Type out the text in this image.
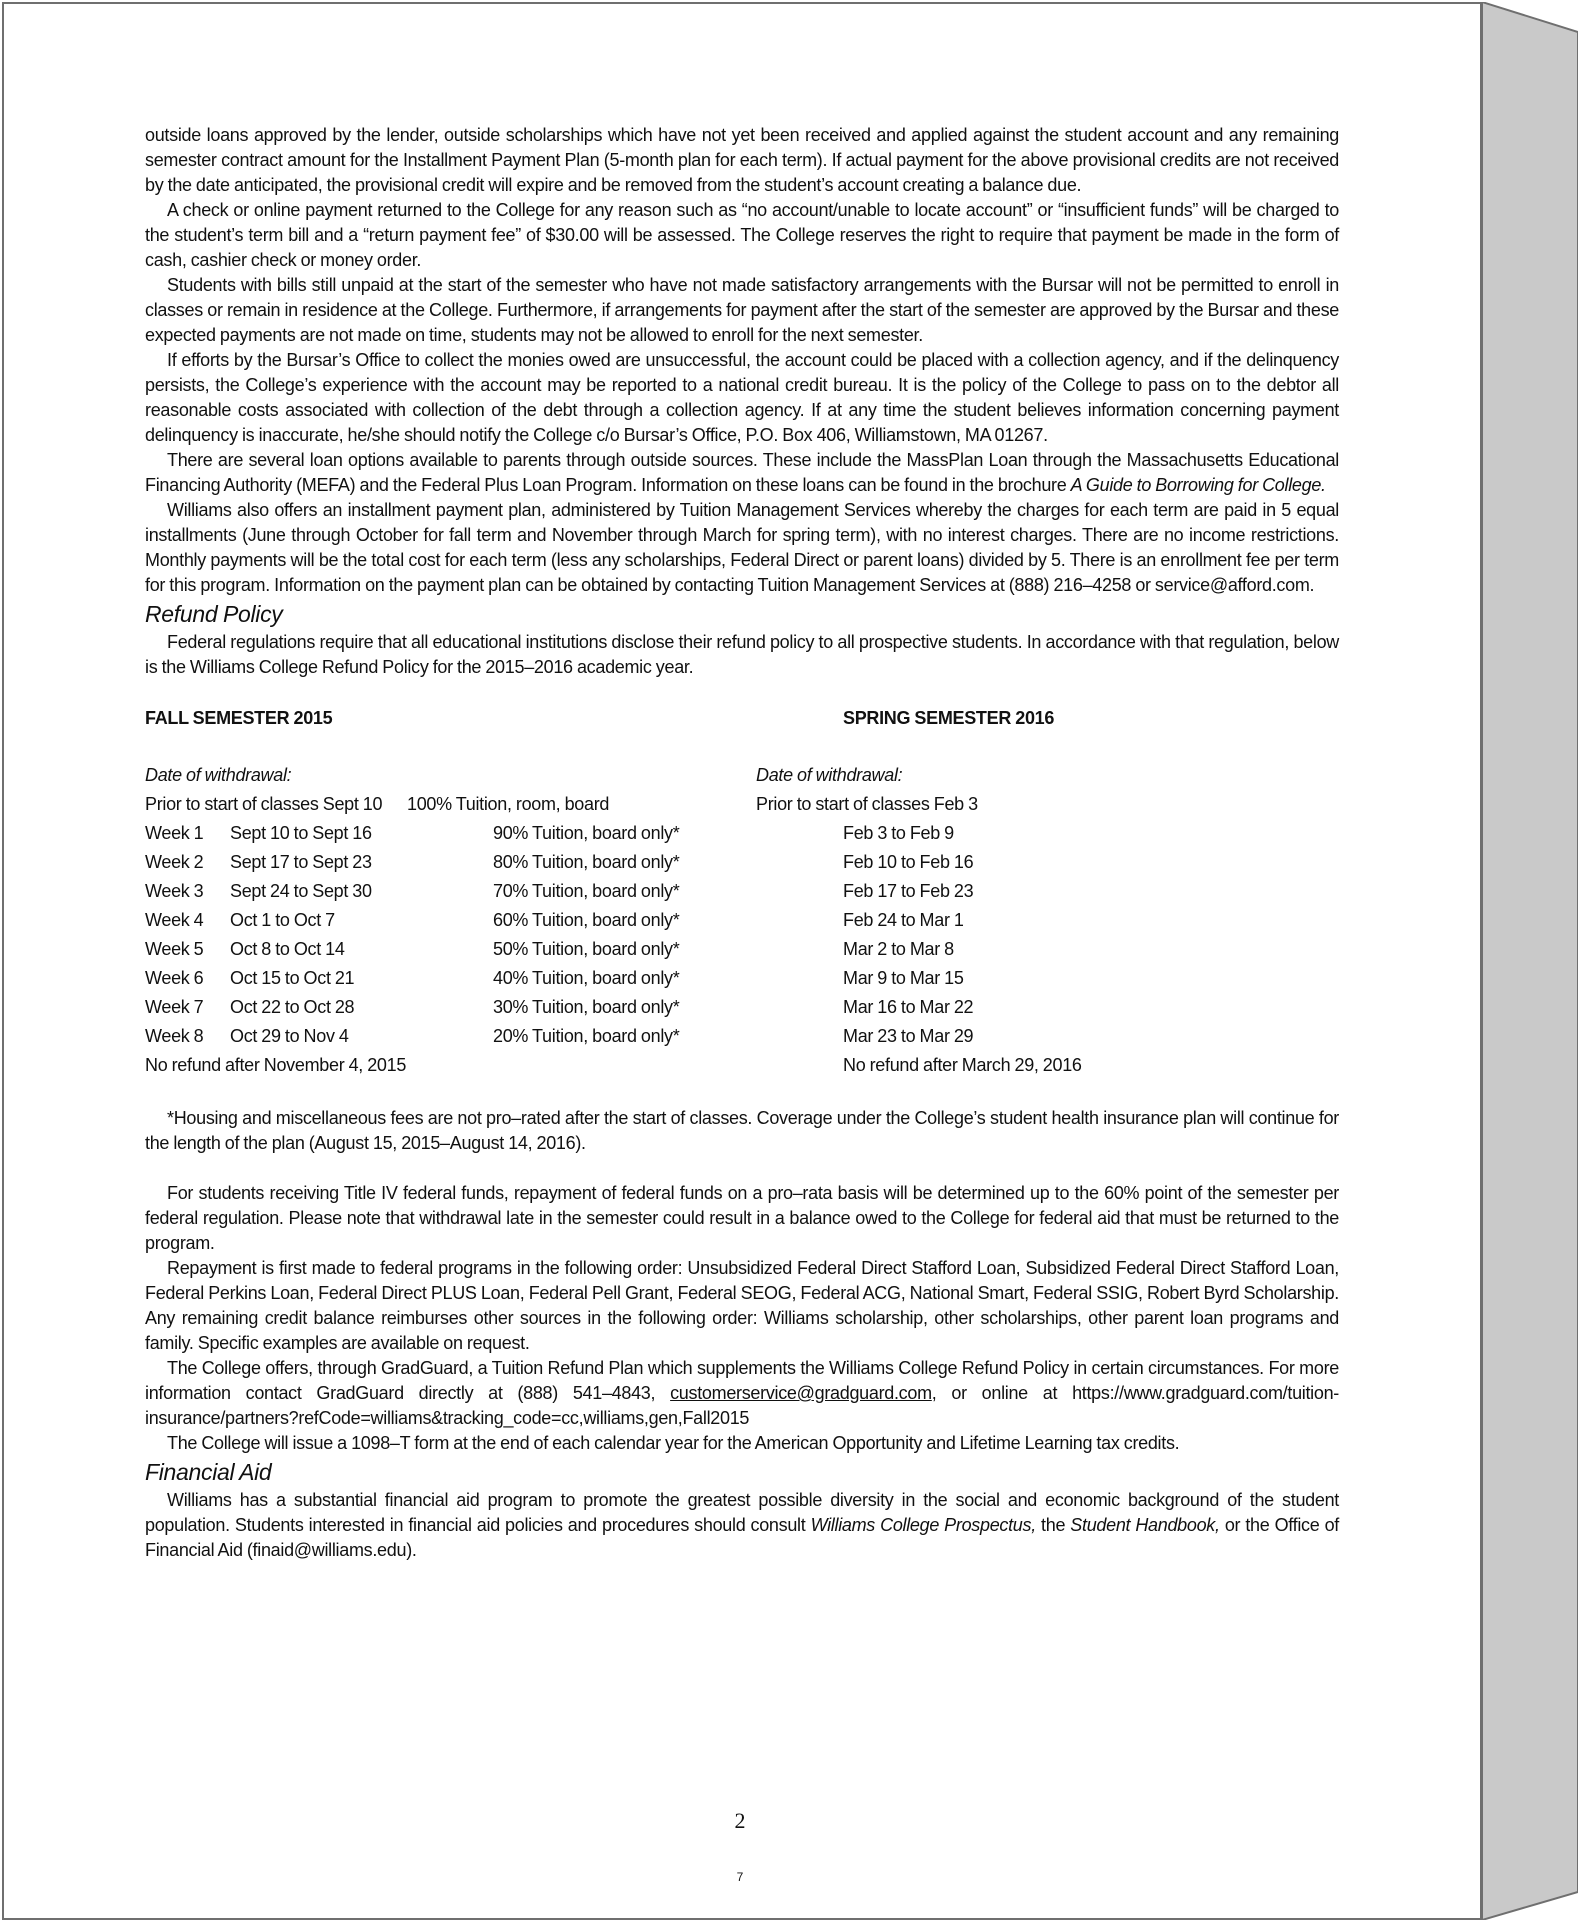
outside loans approved by the lender, outside scholarships which have not yet been received and applied against the student account and any remaining semester contract amount for the Installment Payment Plan (5-month plan for each term). If actual payment for the above provisional credits are not received by the date anticipated, the provisional credit will expire and be removed from the student’s account creating a balance due.

A check or online payment returned to the College for any reason such as “no account/unable to locate account” or “insufficient funds” will be charged to the student’s term bill and a “return payment fee” of $30.00 will be assessed. The College reserves the right to require that payment be made in the form of cash, cashier check or money order.

Students with bills still unpaid at the start of the semester who have not made satisfactory arrangements with the Bursar will not be permitted to enroll in classes or remain in residence at the College. Furthermore, if arrangements for payment after the start of the semester are approved by the Bursar and these expected payments are not made on time, students may not be allowed to enroll for the next semester.

If efforts by the Bursar’s Office to collect the monies owed are unsuccessful, the account could be placed with a collection agency, and if the delinquency persists, the College’s experience with the account may be reported to a national credit bureau. It is the policy of the College to pass on to the debtor all reasonable costs associated with collection of the debt through a collection agency. If at any time the student believes information concerning payment delinquency is inaccurate, he/she should notify the College c/o Bursar’s Office, P.O. Box 406, Williamstown, MA 01267.

There are several loan options available to parents through outside sources. These include the MassPlan Loan through the Massachusetts Educational Financing Authority (MEFA) and the Federal Plus Loan Program. Information on these loans can be found in the brochure A Guide to Borrowing for College.

Williams also offers an installment payment plan, administered by Tuition Management Services whereby the charges for each term are paid in 5 equal installments (June through October for fall term and November through March for spring term), with no interest charges. There are no income restrictions. Monthly payments will be the total cost for each term (less any scholarships, Federal Direct or parent loans) divided by 5. There is an enrollment fee per term for this program. Information on the payment plan can be obtained by contacting Tuition Management Services at (888) 216–4258 or service@afford.com.

Refund Policy

Federal regulations require that all educational institutions disclose their refund policy to all prospective students. In accordance with that regulation, below is the Williams College Refund Policy for the 2015–2016 academic year.

FALL SEMESTER 2015	SPRING SEMESTER 2016
Date of withdrawal:	Date of withdrawal:
Prior to start of classes Sept 10 100% Tuition, room, board	Prior to start of classes Feb 3
Week 1 Sept 10 to Sept 16	90% Tuition, board only*	Feb 3 to Feb 9
Week 2 Sept 17 to Sept 23	80% Tuition, board only*	Feb 10 to Feb 16
Week 3 Sept 24 to Sept 30	70% Tuition, board only*	Feb 17 to Feb 23
Week 4 Oct 1 to Oct 7	60% Tuition, board only*	Feb 24 to Mar 1
Week 5 Oct 8 to Oct 14	50% Tuition, board only*	Mar 2 to Mar 8
Week 6 Oct 15 to Oct 21	40% Tuition, board only*	Mar 9 to Mar 15
Week 7 Oct 22 to Oct 28	30% Tuition, board only*	Mar 16 to Mar 22
Week 8 Oct 29 to Nov 4	20% Tuition, board only*	Mar 23 to Mar 29
No refund after November 4, 2015	No refund after March 29, 2016

*Housing and miscellaneous fees are not pro–rated after the start of classes. Coverage under the College’s student health insurance plan will continue for the length of the plan (August 15, 2015–August 14, 2016).

For students receiving Title IV federal funds, repayment of federal funds on a pro–rata basis will be determined up to the 60% point of the semester per federal regulation. Please note that withdrawal late in the semester could result in a balance owed to the College for federal aid that must be returned to the program.

Repayment is first made to federal programs in the following order: Unsubsidized Federal Direct Stafford Loan, Subsidized Federal Direct Stafford Loan, Federal Perkins Loan, Federal Direct PLUS Loan, Federal Pell Grant, Federal SEOG, Federal ACG, National Smart, Federal SSIG, Robert Byrd Scholarship. Any remaining credit balance reimburses other sources in the following order: Williams scholarship, other scholarships, other parent loan programs and family. Specific examples are available on request.

The College offers, through GradGuard, a Tuition Refund Plan which supplements the Williams College Refund Policy in certain circumstances. For more information contact GradGuard directly at (888) 541–4843, customerservice@gradguard.com, or online at https://www.gradguard.com/tuition-insurance/partners?refCode=williams&tracking_code=cc,williams,gen,Fall2015

The College will issue a 1098–T form at the end of each calendar year for the American Opportunity and Lifetime Learning tax credits.

Financial Aid

Williams has a substantial financial aid program to promote the greatest possible diversity in the social and economic background of the student population. Students interested in financial aid policies and procedures should consult Williams College Prospectus, the Student Handbook, or the Office of Financial Aid (finaid@williams.edu).

2
7
